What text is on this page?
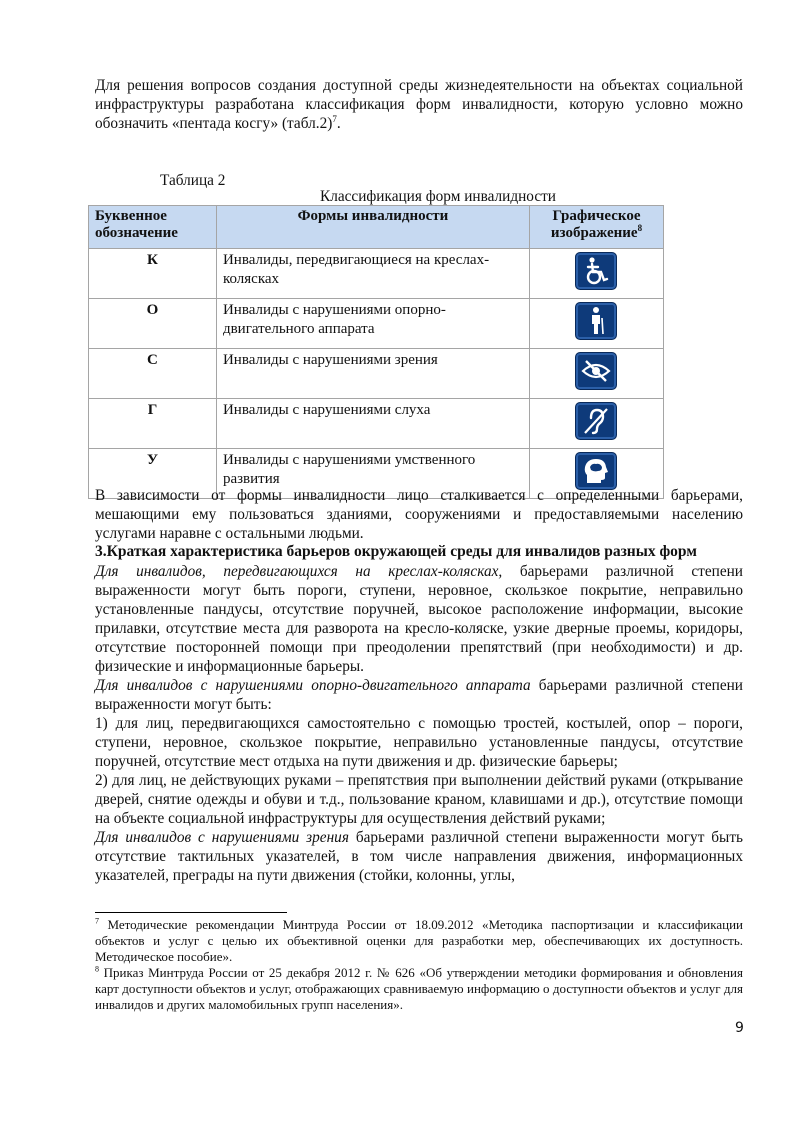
Для решения вопросов создания доступной среды жизнедеятельности на объектах социальной инфраструктуры разработана классификация форм инвалидности, которую условно можно обозначить «пентада косгу» (табл.2)$^7$.
Таблица 2
Классификация форм инвалидности
Буквенное обозначение	Формы инвалидности	Графическое изображение$^8$
К	Инвалиды, передвигающиеся на креслах-колясках	

О	Инвалиды с нарушениями опорно-двигательного аппарата	

С	Инвалиды с нарушениями зрения	

Г	Инвалиды с нарушениями слуха	

У	Инвалиды с нарушениями умственного развития	
В зависимости от формы инвалидности лицо сталкивается с определенными барьерами, мешающими ему пользоваться зданиями, сооружениями и предоставляемыми населению услугами наравне с остальными людьми.
3.Краткая характеристика барьеров окружающей среды для инвалидов разных форм

Для инвалидов, передвигающихся на креслах-колясках, барьерами различной степени выраженности могут быть пороги, ступени, неровное, скользкое покрытие, неправильно установленные пандусы, отсутствие поручней, высокое расположение информации, высокие прилавки, отсутствие места для разворота на кресло-коляске, узкие дверные проемы, коридоры, отсутствие посторонней помощи при преодолении препятствий (при необходимости) и др. физические и информационные барьеры.

Для инвалидов с нарушениями опорно-двигательного аппарата барьерами различной степени выраженности могут быть:

1) для лиц, передвигающихся самостоятельно с помощью тростей, костылей, опор – пороги, ступени, неровное, скользкое покрытие, неправильно установленные пандусы, отсутствие поручней, отсутствие мест отдыха на пути движения и др. физические барьеры;

2) для лиц, не действующих руками – препятствия при выполнении действий руками (открывание дверей, снятие одежды и обуви и т.д., пользование краном, клавишами и др.), отсутствие помощи на объекте социальной инфраструктуры для осуществления действий руками;

Для инвалидов с нарушениями зрения барьерами различной степени выраженности могут быть отсутствие тактильных указателей, в том числе направления движения, информационных указателей, преграды на пути движения (стойки, колонны, углы,

$^7$ Методические рекомендации Минтруда России от 18.09.2012 «Методика паспортизации и классификации объектов и услуг с целью их объективной оценки для разработки мер, обеспечивающих их доступность. Методическое пособие».

$^8$ Приказ Минтруда России от 25 декабря 2012 г. № 626 «Об утверждении методики формирования и обновления карт доступности объектов и услуг, отображающих сравниваемую информацию о доступности объектов и услуг для инвалидов и других маломобильных групп населения».

9
